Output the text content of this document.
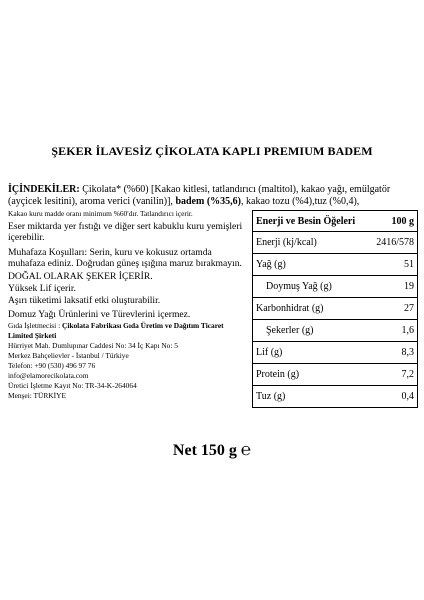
ŞEKER İLAVESİZ ÇİKOLATA KAPLI PREMIUM BADEM
İÇİNDEKİLER: Çikolata* (%60) [Kakao kitlesi, tatlandırıcı (maltitol), kakao yağı, emülgatör (ayçicek lesitini), aroma verici (vanilin)], badem (%35,6), kakao tozu (%4),tuz (%0,4),
Kakao kuru madde oranı minimum %60'dır. Tatlandırıcı içerir.
Eser miktarda yer fıstığı ve diğer sert kabuklu kuru yemişleri içerebilir.
Muhafaza Koşulları: Serin, kuru ve kokusuz ortamda muhafaza ediniz. Doğrudan güneş ışığına maruz bırakmayın.
DOĞAL OLARAK ŞEKER İÇERİR.
Yüksek Lif içerir.
Aşırı tüketimi laksatif etki oluşturabilir.
Domuz Yağı Ürünlerini ve Türevlerini içermez.
Gıda İşletmecisi : Çikolata Fabrikası Gıda Üretim ve Dağıtım Ticaret Limited Şirketi
Hürriyet Mah. Dumlupınar Caddesi No: 34 İç Kapı No: 5
Merkez Bahçelievler - İstanbul / Türkiye
Telefon: +90 (530) 496 97 76
info@elamorecikolata.com
Üretici İşletme Kayıt No: TR-34-K-264064
Menşei: TÜRKİYE
Enerji ve Besin Öğeleri	100 g
Enerji (kj/kcal)	2416/578
Yağ (g)	51
Doymuş Yağ (g)	19
Karbonhidrat (g)	27
Şekerler (g)	1,6
Lif (g)	8,3
Protein (g)	7,2
Tuz (g)	0,4
Net 150 g ℮
